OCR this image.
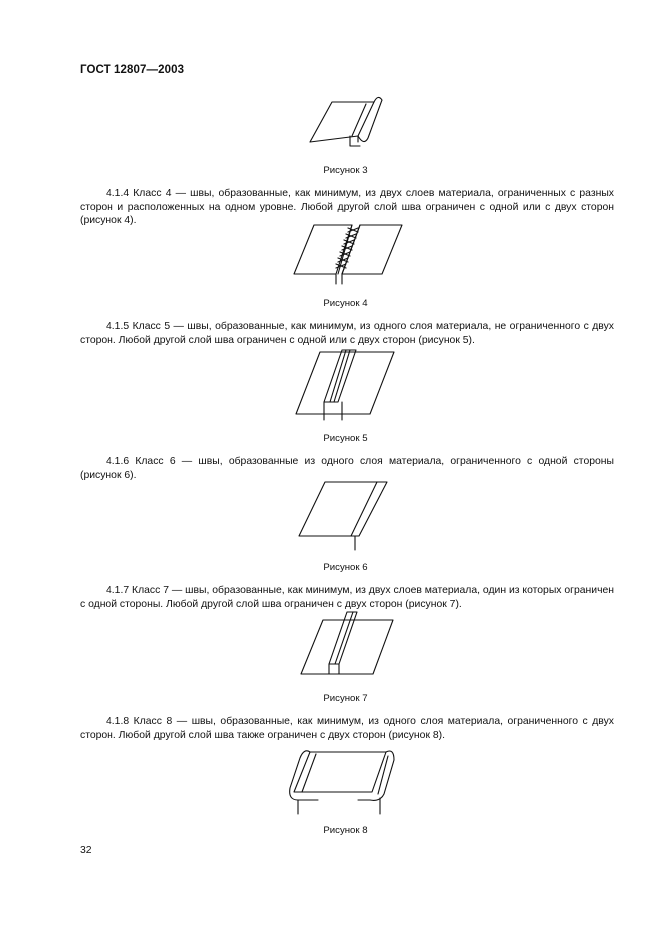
ГОСТ 12807—2003
Рисунок 3
4.1.4 Класс 4 — швы, образованные, как минимум, из двух слоев материала, ограниченных с разных сторон и расположенных на одном уровне. Любой другой слой шва ограничен с одной или с двух сторон (рисунок 4).
Рисунок 4
4.1.5 Класс 5 — швы, образованные, как минимум, из одного слоя материала, не ограниченного с двух сторон. Любой другой слой шва ограничен с одной или с двух сторон (рисунок 5).
Рисунок 5
4.1.6 Класс 6 — швы, образованные из одного слоя материала, ограниченного с одной стороны (рисунок 6).
Рисунок 6
4.1.7 Класс 7 — швы, образованные, как минимум, из двух слоев материала, один из которых ограничен с одной стороны. Любой другой слой шва ограничен с двух сторон (рисунок 7).
Рисунок 7
4.1.8 Класс 8 — швы, образованные, как минимум, из одного слоя материала, ограниченного с двух сторон. Любой другой слой шва также ограничен с двух сторон (рисунок 8).
Рисунок 8
32
